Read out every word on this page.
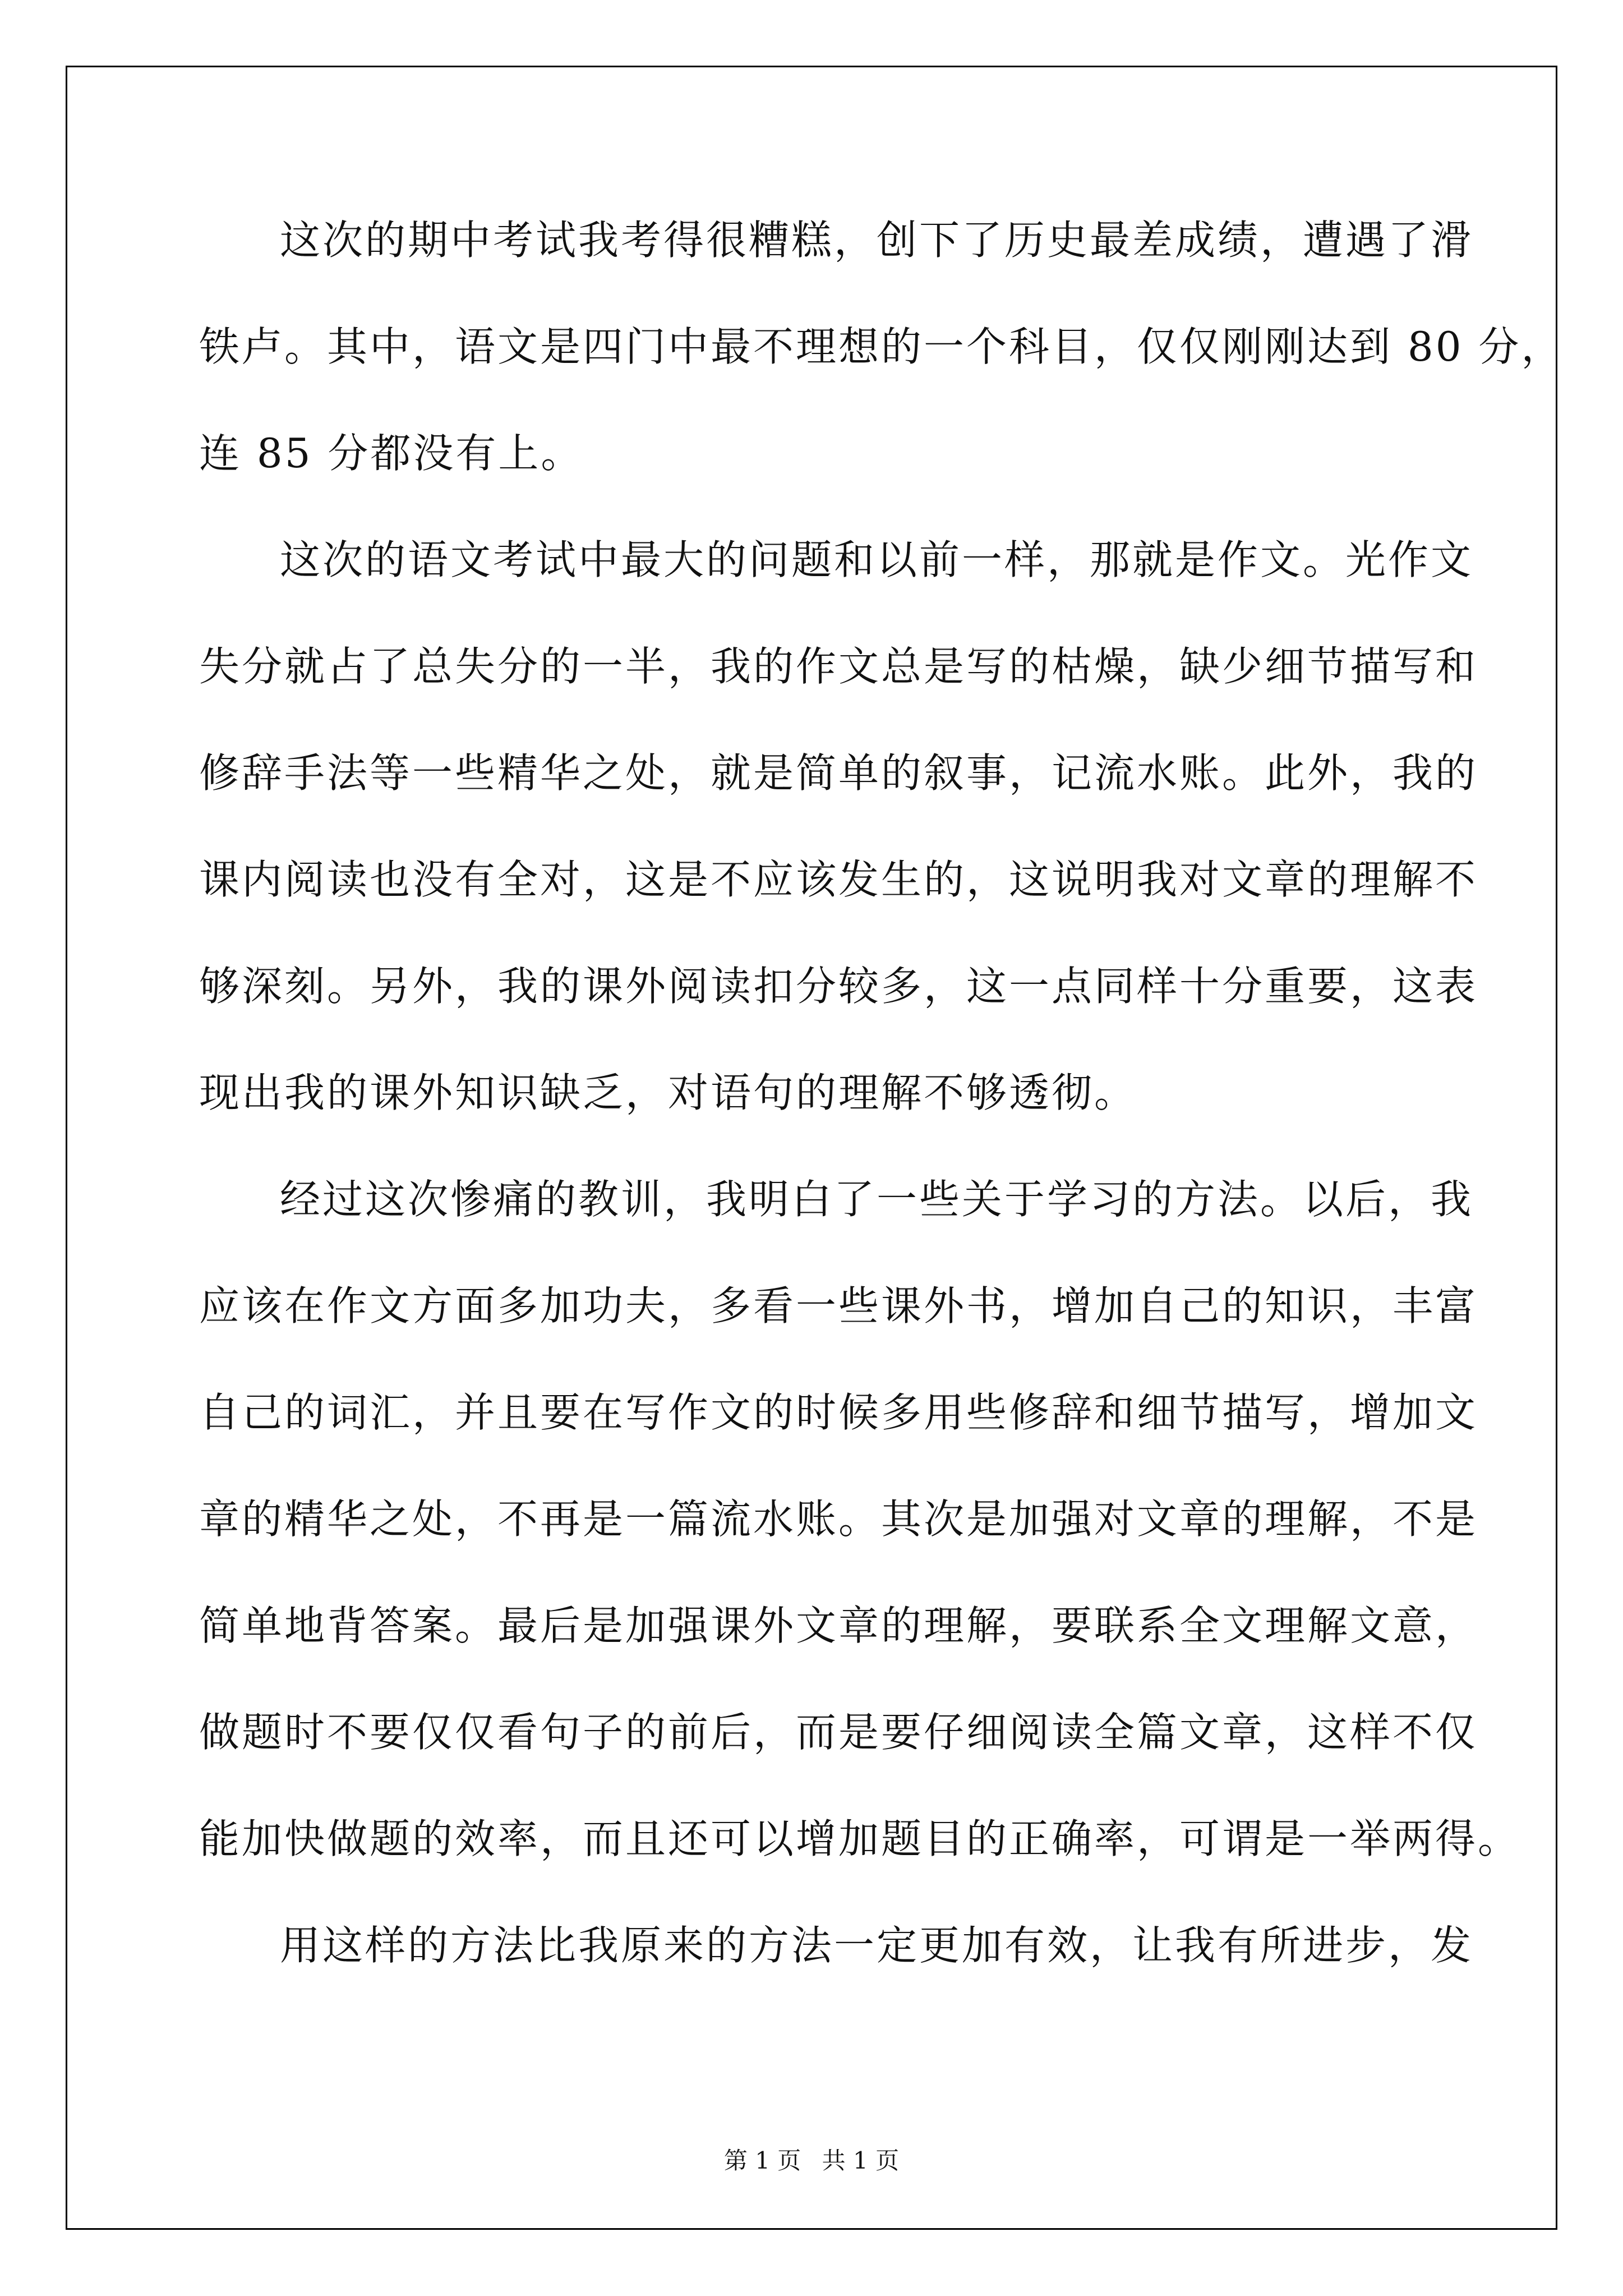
这次的期中考试我考得很糟糕，创下了历史最差成绩，遭遇了滑
铁卢。其中，语文是四门中最不理想的一个科目，仅仅刚刚达到 80 分，
连 85 分都没有上。
这次的语文考试中最大的问题和以前一样，那就是作文。光作文
失分就占了总失分的一半，我的作文总是写的枯燥，缺少细节描写和
修辞手法等一些精华之处，就是简单的叙事，记流水账。此外，我的
课内阅读也没有全对，这是不应该发生的，这说明我对文章的理解不
够深刻。另外，我的课外阅读扣分较多，这一点同样十分重要，这表
现出我的课外知识缺乏，对语句的理解不够透彻。
经过这次惨痛的教训，我明白了一些关于学习的方法。以后，我
应该在作文方面多加功夫，多看一些课外书，增加自己的知识，丰富
自己的词汇，并且要在写作文的时候多用些修辞和细节描写，增加文
章的精华之处，不再是一篇流水账。其次是加强对文章的理解，不是
简单地背答案。最后是加强课外文章的理解，要联系全文理解文意，
做题时不要仅仅看句子的前后，而是要仔细阅读全篇文章，这样不仅
能加快做题的效率，而且还可以增加题目的正确率，可谓是一举两得。
用这样的方法比我原来的方法一定更加有效，让我有所进步，发
第 1 页 共 1 页
